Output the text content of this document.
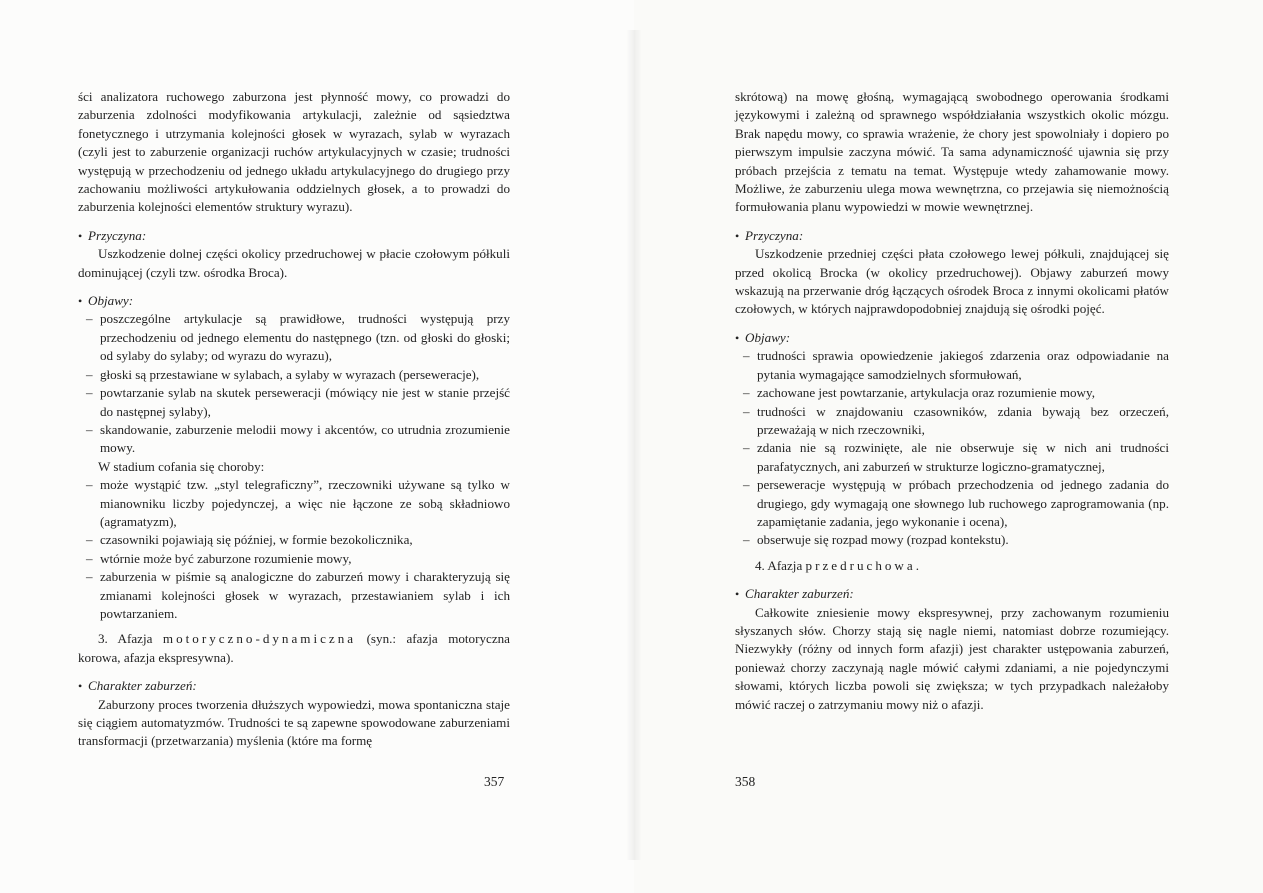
ści analizatora ruchowego zaburzona jest płynność mowy, co prowadzi do zaburzenia zdolności modyfikowania artykulacji, zależnie od sąsiedztwa fonetycznego i utrzymania kolejności głosek w wyrazach, sylab w wyrazach (czyli jest to zaburzenie organizacji ruchów artykulacyjnych w czasie; trudności występują w przechodzeniu od jednego układu artykulacyjnego do drugiego przy zachowaniu możliwości artykułowania oddzielnych głosek, a to prowadzi do zaburzenia kolejności elementów struktury wyrazu).

• Przyczyna:

Uszkodzenie dolnej części okolicy przedruchowej w płacie czołowym półkuli dominującej (czyli tzw. ośrodka Broca).

• Objawy:

– poszczególne artykulacje są prawidłowe, trudności występują przy przechodzeniu od jednego elementu do następnego (tzn. od głoski do głoski; od sylaby do sylaby; od wyrazu do wyrazu),
– głoski są przestawiane w sylabach, a sylaby w wyrazach (perseweracje),
– powtarzanie sylab na skutek perseweracji (mówiący nie jest w stanie przejść do następnej sylaby),
– skandowanie, zaburzenie melodii mowy i akcentów, co utrudnia zrozumienie mowy.

W stadium cofania się choroby:

– może wystąpić tzw. „styl telegraficzny”, rzeczowniki używane są tylko w mianowniku liczby pojedynczej, a więc nie łączone ze sobą składniowo (agramatyzm),
– czasowniki pojawiają się później, w formie bezokolicznika,
– wtórnie może być zaburzone rozumienie mowy,
– zaburzenia w piśmie są analogiczne do zaburzeń mowy i charakteryzują się zmianami kolejności głosek w wyrazach, przestawianiem sylab i ich powtarzaniem.

3. Afazja motoryczno-dynamiczna (syn.: afazja motoryczna korowa, afazja ekspresywna).

• Charakter zaburzeń:

Zaburzony proces tworzenia dłuższych wypowiedzi, mowa spontaniczna staje się ciągiem automatyzmów. Trudności te są zapewne spowodowane zaburzeniami transformacji (przetwarzania) myślenia (które ma formę

357

skrótową) na mowę głośną, wymagającą swobodnego operowania środkami językowymi i zależną od sprawnego współdziałania wszystkich okolic mózgu. Brak napędu mowy, co sprawia wrażenie, że chory jest spowolniały i dopiero po pierwszym impulsie zaczyna mówić. Ta sama adynamiczność ujawnia się przy próbach przejścia z tematu na temat. Występuje wtedy zahamowanie mowy. Możliwe, że zaburzeniu ulega mowa wewnętrzna, co przejawia się niemożnością formułowania planu wypowiedzi w mowie wewnętrznej.

• Przyczyna:

Uszkodzenie przedniej części płata czołowego lewej półkuli, znajdującej się przed okolicą Brocka (w okolicy przedruchowej). Objawy zaburzeń mowy wskazują na przerwanie dróg łączących ośrodek Broca z innymi okolicami płatów czołowych, w których najprawdopodobniej znajdują się ośrodki pojęć.

• Objawy:

– trudności sprawia opowiedzenie jakiegoś zdarzenia oraz odpowiadanie na pytania wymagające samodzielnych sformułowań,
– zachowane jest powtarzanie, artykulacja oraz rozumienie mowy,
– trudności w znajdowaniu czasowników, zdania bywają bez orzeczeń, przeważają w nich rzeczowniki,
– zdania nie są rozwinięte, ale nie obserwuje się w nich ani trudności parafatycznych, ani zaburzeń w strukturze logiczno-gramatycznej,
– perseweracje występują w próbach przechodzenia od jednego zadania do drugiego, gdy wymagają one słownego lub ruchowego zaprogramowania (np. zapamiętanie zadania, jego wykonanie i ocena),
– obserwuje się rozpad mowy (rozpad kontekstu).

4. Afazja przedruchowa.

• Charakter zaburzeń:

Całkowite zniesienie mowy ekspresywnej, przy zachowanym rozumieniu słyszanych słów. Chorzy stają się nagle niemi, natomiast dobrze rozumiejący. Niezwykły (różny od innych form afazji) jest charakter ustępowania zaburzeń, ponieważ chorzy zaczynają nagle mówić całymi zdaniami, a nie pojedynczymi słowami, których liczba powoli się zwiększa; w tych przypadkach należałoby mówić raczej o zatrzymaniu mowy niż o afazji.

358
